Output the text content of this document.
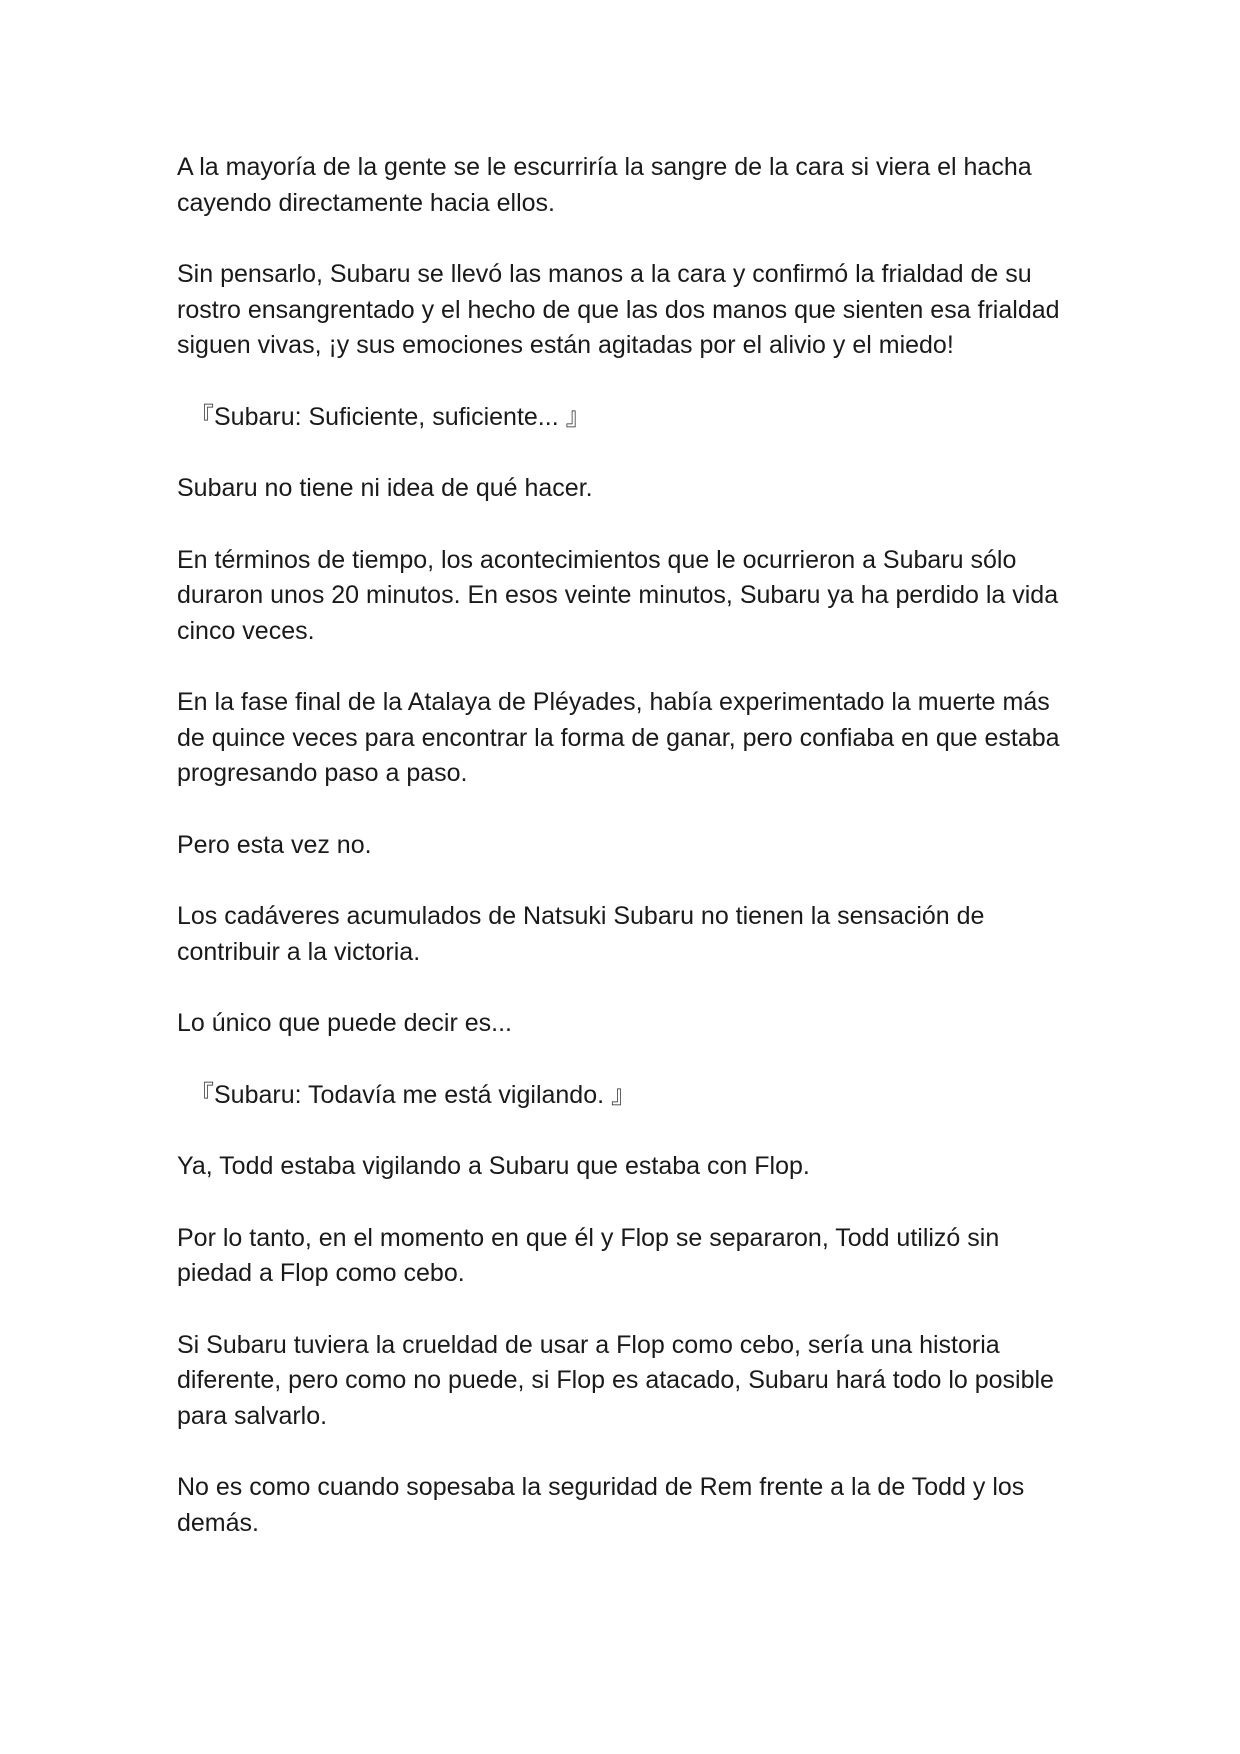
A la mayoría de la gente se le escurriría la sangre de la cara si viera el hacha cayendo directamente hacia ellos.

Sin pensarlo, Subaru se llevó las manos a la cara y confirmó la frialdad de su rostro ensangrentado y el hecho de que las dos manos que sienten esa frialdad siguen vivas, ¡y sus emociones están agitadas por el alivio y el miedo!

『Subaru: Suficiente, suficiente... 』

Subaru no tiene ni idea de qué hacer.

En términos de tiempo, los acontecimientos que le ocurrieron a Subaru sólo duraron unos 20 minutos. En esos veinte minutos, Subaru ya ha perdido la vida cinco veces.

En la fase final de la Atalaya de Pléyades, había experimentado la muerte más de quince veces para encontrar la forma de ganar, pero confiaba en que estaba progresando paso a paso.

Pero esta vez no.

Los cadáveres acumulados de Natsuki Subaru no tienen la sensación de contribuir a la victoria.

Lo único que puede decir es...

『Subaru: Todavía me está vigilando. 』

Ya, Todd estaba vigilando a Subaru que estaba con Flop.

Por lo tanto, en el momento en que él y Flop se separaron, Todd utilizó sin piedad a Flop como cebo.

Si Subaru tuviera la crueldad de usar a Flop como cebo, sería una historia diferente, pero como no puede, si Flop es atacado, Subaru hará todo lo posible para salvarlo.

No es como cuando sopesaba la seguridad de Rem frente a la de Todd y los demás.
